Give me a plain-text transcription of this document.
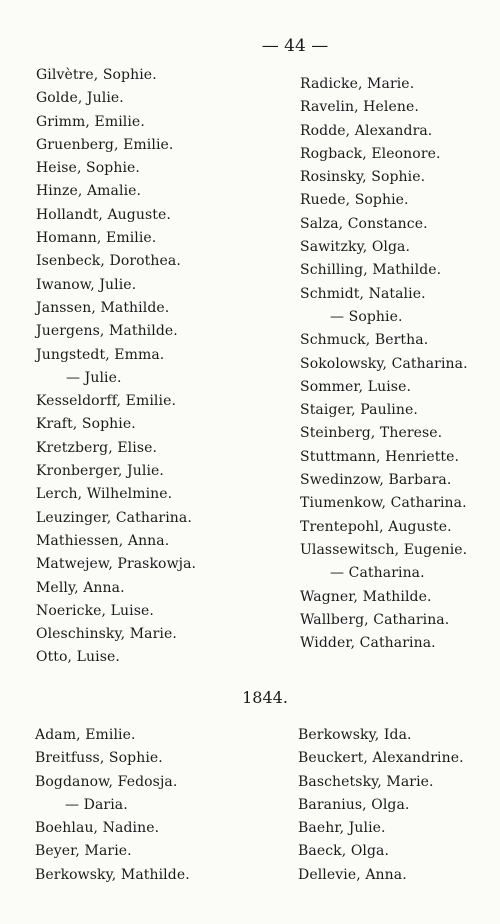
— 44 —
Gilvètre, Sophie.
Golde, Julie.
Grimm, Emilie.
Gruenberg, Emilie.
Heise, Sophie.
Hinze, Amalie.
Hollandt, Auguste.
Homann, Emilie.
Isenbeck, Dorothea.
Iwanow, Julie.
Janssen, Mathilde.
Juergens, Mathilde.
Jungstedt, Emma.
— Julie.
Kesseldorff, Emilie.
Kraft, Sophie.
Kretzberg, Elise.
Kronberger, Julie.
Lerch, Wilhelmine.
Leuzinger, Catharina.
Mathiessen, Anna.
Matwejew, Praskowja.
Melly, Anna.
Noericke, Luise.
Oleschinsky, Marie.
Otto, Luise.
Radicke, Marie.
Ravelin, Helene.
Rodde, Alexandra.
Rogback, Eleonore.
Rosinsky, Sophie.
Ruede, Sophie.
Salza, Constance.
Sawitzky, Olga.
Schilling, Mathilde.
Schmidt, Natalie.
— Sophie.
Schmuck, Bertha.
Sokolowsky, Catharina.
Sommer, Luise.
Staiger, Pauline.
Steinberg, Therese.
Stuttmann, Henriette.
Swedinzow, Barbara.
Tiumenkow, Catharina.
Trentepohl, Auguste.
Ulassewitsch, Eugenie.
— Catharina.
Wagner, Mathilde.
Wallberg, Catharina.
Widder, Catharina.
1844.
Adam, Emilie.
Breitfuss, Sophie.
Bogdanow, Fedosja.
— Daria.
Boehlau, Nadine.
Beyer, Marie.
Berkowsky, Mathilde.
Berkowsky, Ida.
Beuckert, Alexandrine.
Baschetsky, Marie.
Baranius, Olga.
Baehr, Julie.
Baeck, Olga.
Dellevie, Anna.
